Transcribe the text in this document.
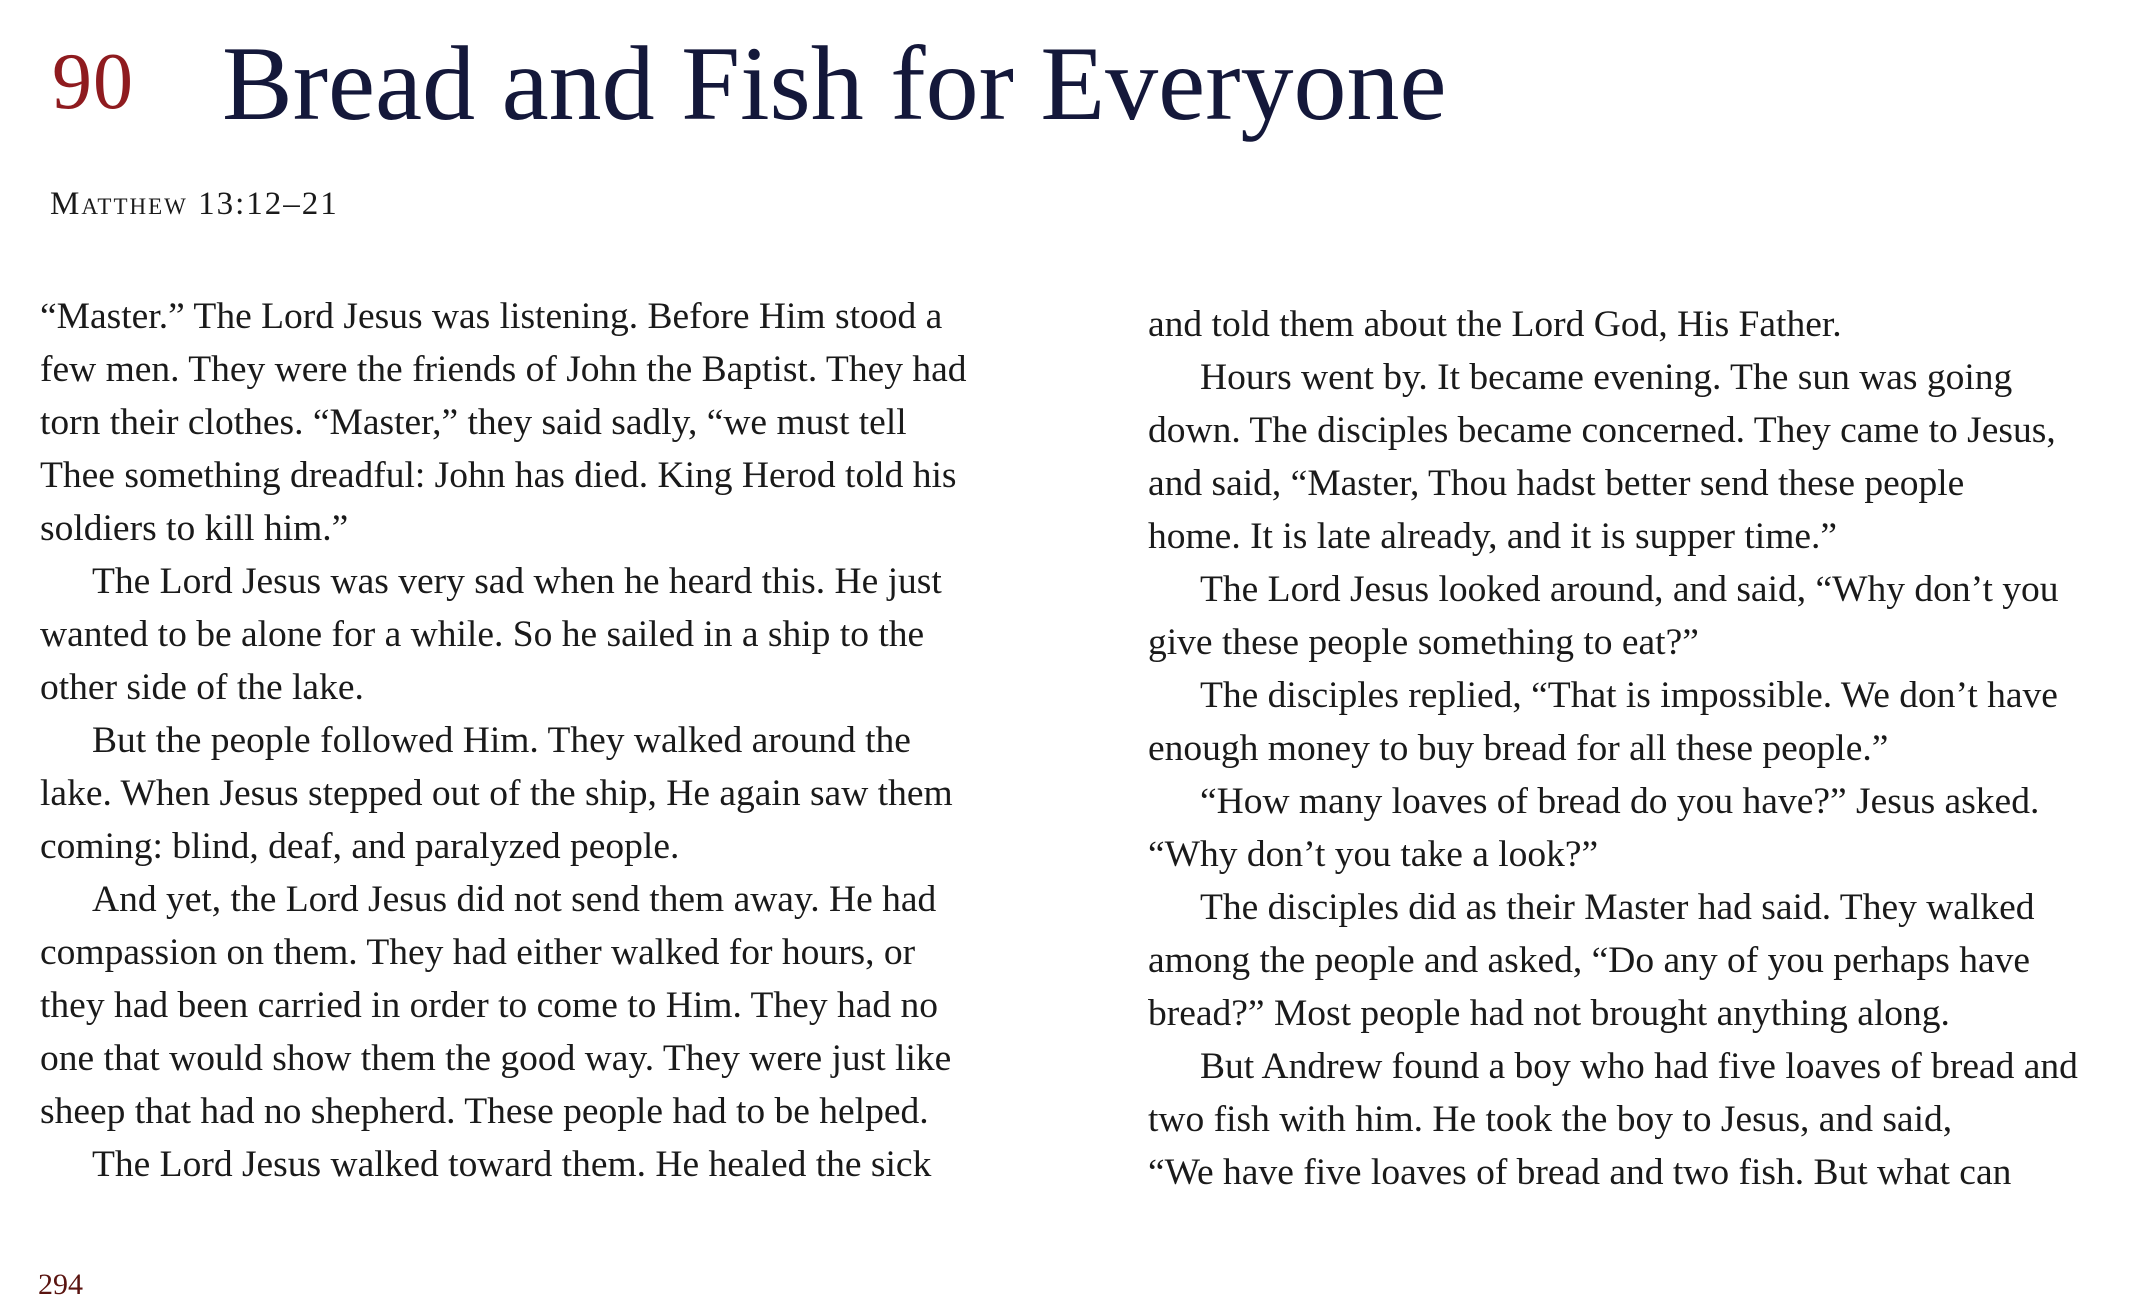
90 Bread and Fish for Everyone
Matthew 13:12–21
“Master.” The Lord Jesus was listening. Before Him stood a
few men. They were the friends of John the Baptist. They had
torn their clothes. “Master,” they said sadly, “we must tell
Thee something dreadful: John has died. King Herod told his
soldiers to kill him.”
The Lord Jesus was very sad when he heard this. He just
wanted to be alone for a while. So he sailed in a ship to the
other side of the lake.
But the people followed Him. They walked around the
lake. When Jesus stepped out of the ship, He again saw them
coming: blind, deaf, and paralyzed people.
And yet, the Lord Jesus did not send them away. He had
compassion on them. They had either walked for hours, or
they had been carried in order to come to Him. They had no
one that would show them the good way. They were just like
sheep that had no shepherd. These people had to be helped.
The Lord Jesus walked toward them. He healed the sick
and told them about the Lord God, His Father.
Hours went by. It became evening. The sun was going
down. The disciples became concerned. They came to Jesus,
and said, “Master, Thou hadst better send these people
home. It is late already, and it is supper time.”
The Lord Jesus looked around, and said, “Why don’t you
give these people something to eat?”
The disciples replied, “That is impossible. We don’t have
enough money to buy bread for all these people.”
“How many loaves of bread do you have?” Jesus asked.
“Why don’t you take a look?”
The disciples did as their Master had said. They walked
among the people and asked, “Do any of you perhaps have
bread?” Most people had not brought anything along.
But Andrew found a boy who had five loaves of bread and
two fish with him. He took the boy to Jesus, and said,
“We have five loaves of bread and two fish. But what can
294
